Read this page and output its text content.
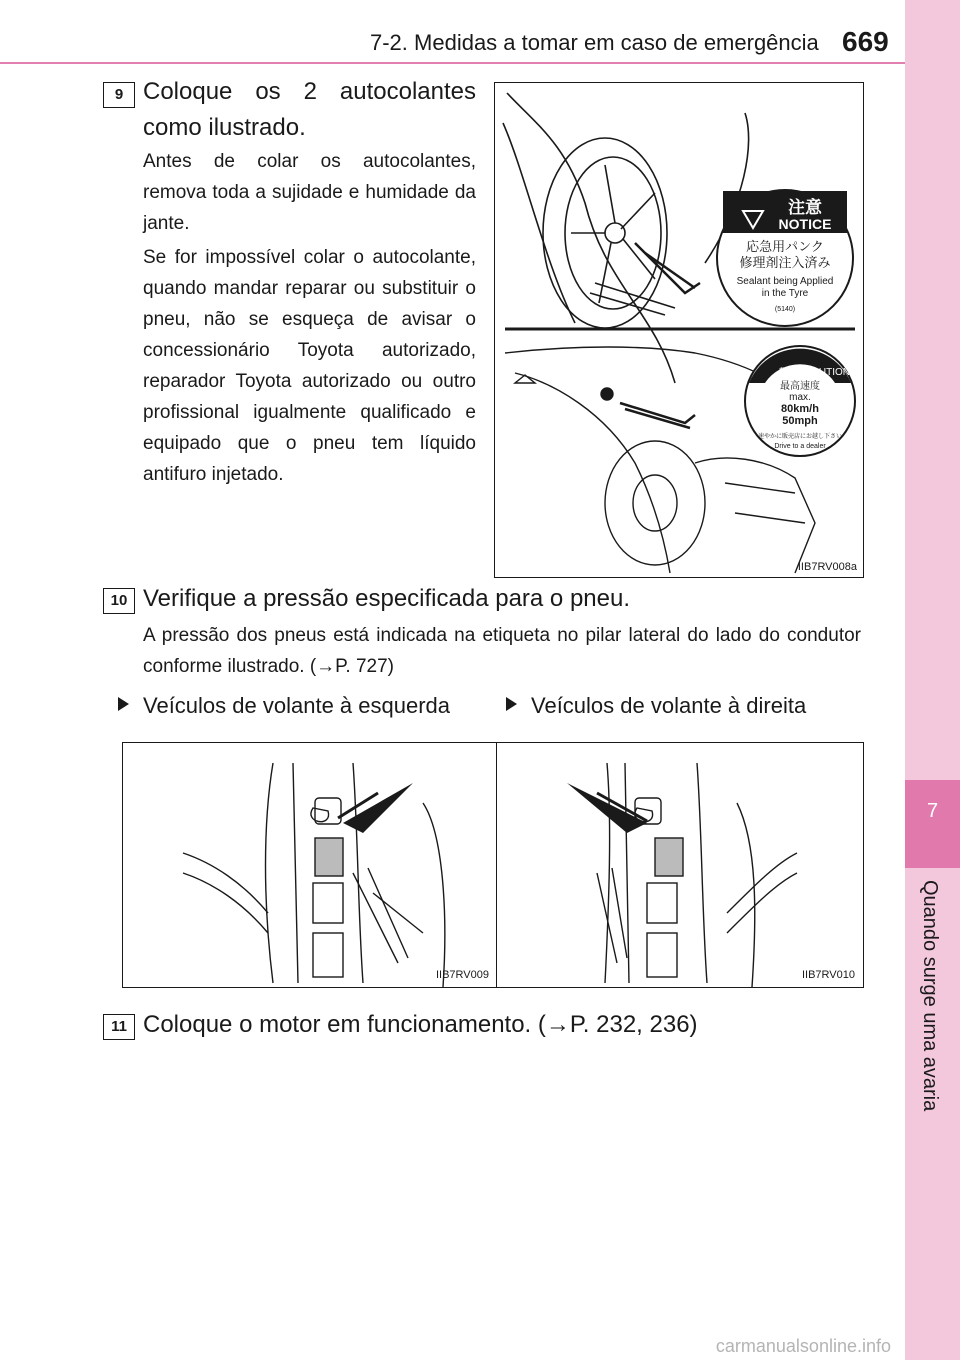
7-2. Medidas a tomar em caso de emergência 669
7
Quando surge uma avaria
9 Coloque os 2 autocolantes como ilustrado.
Antes de colar os autocolantes, remova toda a sujidade e humidade da jante.
Se for impossível colar o autocolante, quando mandar reparar ou substituir o pneu, não se esqueça de avisar o concessionário Toyota autorizado, reparador Toyota autorizado ou outro profissional igualmente qualificado e equipado que o pneu tem líquido antifuro injetado.
注意
NOTICE
応急用パンク
修理剤注入済み
Sealant being Applied
in the Tyre
(5140)
警告 CAUTION
最高速度
max.
80km/h
50mph
速やかに販売店にお越し下さい
Drive to a dealer
IIB7RV008a
10 Verifique a pressão especificada para o pneu.
A pressão dos pneus está indicada na etiqueta no pilar lateral do lado do condutor conforme ilustrado. (→P. 727)
Veículos de volante à esquerda	Veículos de volante à direita
IIB7RV009	IIB7RV010
11 Coloque o motor em funcionamento. (→P. 232, 236)
carmanualsonline.info
